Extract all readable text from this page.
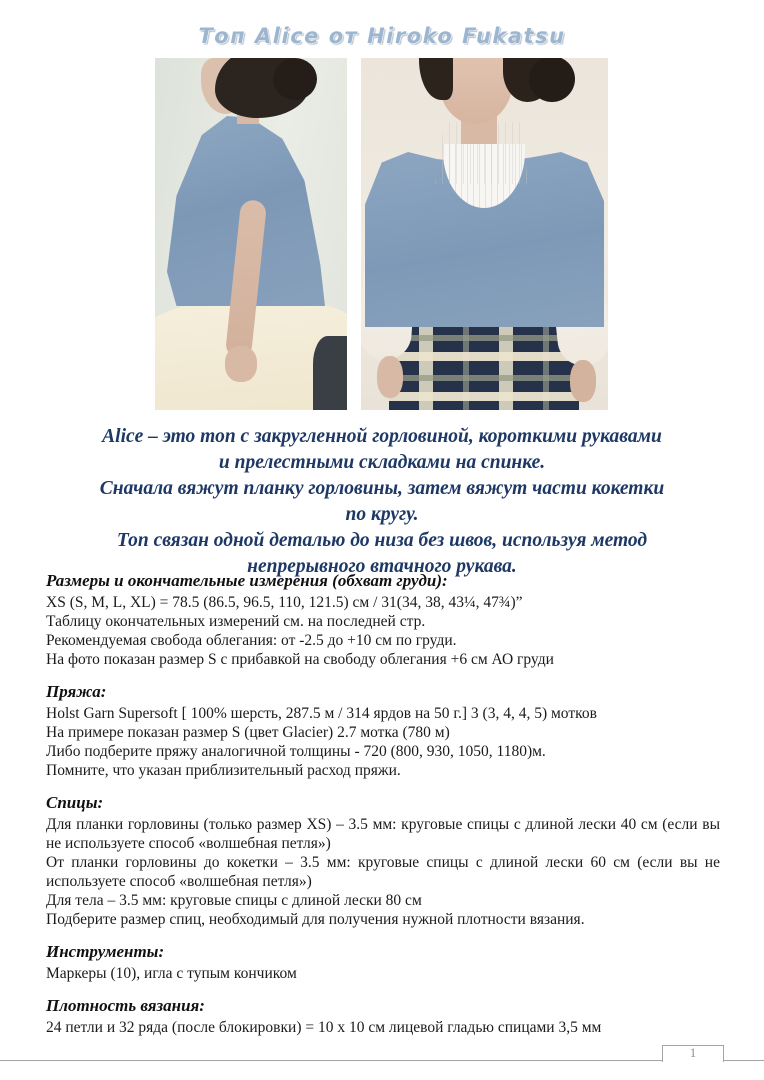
Топ Alice от Hiroko Fukatsu
Alice – это топ с закругленной горловиной, короткими рукавами
и прелестными складками на спинке.
Сначала вяжут планку горловины, затем вяжут части кокетки
по кругу.
Топ связан одной деталью до низа без швов, используя метод
непрерывного втачного рукава.
Размеры и окончательные измерения (обхват груди):

XS (S, M, L, XL) = 78.5 (86.5, 96.5, 110, 121.5) см / 31(34, 38, 43¼, 47¾)”

Таблицу окончательных измерений см. на последней стр.

Рекомендуемая свобода облегания: от -2.5 до +10 см по груди.

На фото показан размер S с прибавкой на свободу облегания +6 см АО груди

Пряжа:

Holst Garn Supersoft [ 100% шерсть, 287.5 м / 314 ярдов на 50 г.] 3 (3, 4, 4, 5) мотков

На примере показан размер S (цвет Glacier) 2.7 мотка (780 м)

Либо подберите пряжу аналогичной толщины - 720 (800, 930, 1050, 1180)м.

Помните, что указан приблизительный расход пряжи.

Спицы:

Для планки горловины (только размер XS) – 3.5 мм: круговые спицы с длиной лески 40 см (если вы не используете способ «волшебная петля»)

От планки горловины до кокетки – 3.5 мм: круговые спицы с длиной лески 60 см (если вы не используете способ «волшебная петля»)

Для тела – 3.5 мм: круговые спицы с длиной лески 80 см

Подберите размер спиц, необходимый для получения нужной плотности вязания.

Инструменты:

Маркеры (10), игла с тупым кончиком

Плотность вязания:

24 петли и 32 ряда (после блокировки) = 10 х 10 см лицевой гладью спицами 3,5 мм

1
